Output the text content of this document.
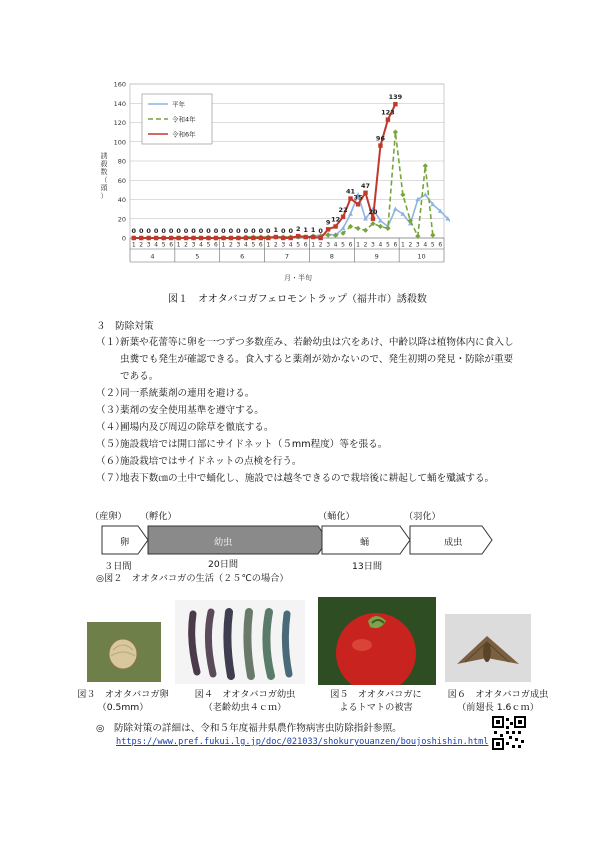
0
20
40
60
80
100
120
140
160
誘
殺
数
（
頭
）
1 2 3 4 5 6
4
1 2 3 4 5 6
5
1 2 3 4 5 6
6
1 2 3 4 5 6
7
1 2 3 4 5 6
8
1 2 3 4 5 6
9
1 2 3 4 5 6
10
0 0 0 0 0 0 0 0 0 0 0 0 0 0 0 0 0 0 0 1 0 0 2 1 1 0
9 12
22
41
35
47
20
96
123
139
平年
令和4年
令和6年
月・半旬
図１　オオタバコガフェロモントラップ（福井市）誘殺数
３　防除対策
（１）
新葉や花蕾等に卵を一つずつ多数産み、若齢幼虫は穴をあけ、中齢以降は植物体内に食入し虫糞でも発生が確認できる。食入すると薬剤が効かないので、発生初期の発見・防除が重要である。
（２）
同一系統薬剤の連用を避ける。
（３）
薬剤の安全使用基準を遵守する。
（４）
圃場内及び周辺の除草を徹底する。
（５）
施設栽培では開口部にサイドネット（５mm程度）等を張る。
（６）
施設栽培ではサイドネットの点検を行う。
（７）
地表下数㎝の土中で蛹化し、施設では越冬できるので栽培後に耕起して蛹を殲滅する。
（産卵） （孵化）	（蛹化）	（羽化）
卵	幼虫	蛹	成虫
３日間	20日間	13日間
◎図２　オオタバコガの生活（２５℃の場合）
図３　オオタバコガ卵
（0.5mm）
図４　オオタバコガ幼虫
（老齢幼虫４ｃｍ）
図５　オオタバコガに
よるトマトの被害
図６　オオタバコガ成虫
（前翅長 1.6ｃｍ）
◎　防除対策の詳細は、令和５年度福井県農作物病害虫防除指針参照。
https://www.pref.fukui.lg.jp/doc/021033/shokuryouanzen/boujoshishin.html
